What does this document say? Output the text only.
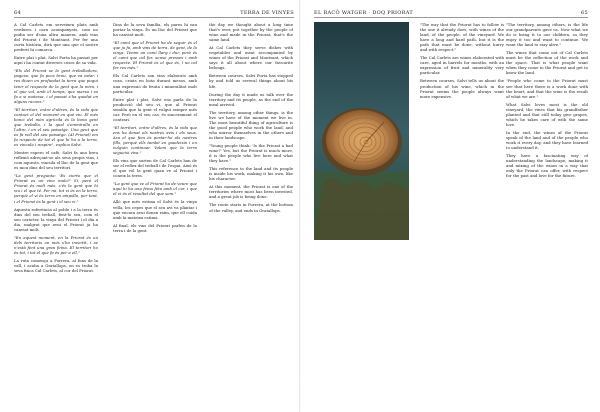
64	TERRA DE VINYES	EL RACÓ WATGER · DOQ PRIORAT	65

A Cal Carlets em serveixen plats amb verdures i carn acompanyats, com no podia ser d'una altra manera, amb vins del Priorat i de Montsant. Per fer una curta història, dirà que una que el nostre preferit hi comarca.

Entre plat i plat, Salvi Porta ha passat per aquí i ha contat diverses coses de sa vida.

"Els del Priorat se la gent treballadora, pagesa, que fa pocs brou, que va estar, i res diuen en profundat la terra que pugui tenir el respecte de la gent que la mira, i el que vol, amb el temps, que marxa i es fa a si mateixa, i el passat s'ha quedat en alguns racons."

"El territori, entre d'altres, és la vida que contact el del moment en què viu. El més bonic del món agrícola és la bona gent que treballa, i la qual s'emmiralla en l'altre, i en el seu paisatge. Una gent que es fa vell del seu paisatge. (Al Priorat) em fa respecte de tot el que hi ha a la terra, es vincula i respira", explica Salvi.

Mentre espero el cafè, Salvi fa una breu reflexió adreçant-se als seus propis vins, i com aquests, vincula el lloc de la gent que es mou dins del seu territori.

"La gent pregunta: 'Es cierto que el Priorat es un vino malo?' Sí, però el Priorat és molt més, s'és la gent que hi viu i el que té. Per mi, tot vi és en la terra, perquè el vi és terra en ampolla, per tant, i el Priorat és la gent i el seu vi."

Aquesta referència al poble i a la terra és dins del seu treball, fent-lo seu, com el seu caràcter, la vinya del Priorat i el dia a dia, malgrat que avui el Priorat ja ha canviat molt.

"En aquest moment, en la Priorat és un dels territoris on més s'ha invertit, i se n'està fent una gran feina. El territori ho és tot, i tot el que fa és per a ell."

La ruta comença a Porrera, al fons de la vall, i acaba a Gratallops, on es troba la seva finca Cal Carlets, al cor del Priorat.

Dins de la seva família, els pares hi van portar la vinya. És un lloc del Priorat que ha canviat molt.

"El camí que el Priorat ha de seguir és el que ja fa, amb vins de terra, de gent, de la vinya. Tenim un camí llarg i dur, però és el camí que cal fer, sense presses i amb respecte. El Priorat és el que és, i no cal fer res més."

Els Cal Carlets son vins elaborats amb cura, criats en bota durant mesos, amb una expressió de fruita i mineralitat molt particular.

Entre plat i plat, Salvi ens parla de la producció del seu vi, que al Priorat sembla que la gent el vulgui sempre més car. Però en el seu cas, és sincerament el contrari.

"El territori, entre d'altres, és la vida que ens ha donat els nostres avis i els seus. Ara el que fem és portar-ho als nostres fills, perquè ells també en gaudeixin i en vulguin continuar. Volem que la terra segueixi viva."

Els vins que surten de Cal Carlets han de ser el reflex del treball i de l'espai. Això és el que vol la gent quan ve al Priorat i coneix la terra.

"La gent que ve al Priorat ha de veure que aquí hi ha una feina feta amb el cor, i que el vi és el resultat del que som."

Allò que més estima el Salvi és la vinya vella, les cepes que el seu avi va plantar i que encara avui donen raïm, que ell cuida amb la mateixa estima.

Al final, els vins del Priorat parlen de la terra i de la gent.

the day we thought about a long time that's ever, put together by the people of wine and made in the Priorat, that's the same land.

At Cal Carlets they serve dishes with vegetables and meat accompanied by wines of the Priorat and Montsant, which says it all about where our favourite belongs.

Between courses, Salvi Porta has stopped by and told us several things about his life.

During the day it made us talk over the territory and its people, as the end of the meal arrived.

The territory, among other things, is the live we have of the moment we live in. The most beautiful thing of agriculture is the good people who work the land, and who mirror themselves in the others and in their landscape.

"Young people think: 'Is the Priorat a bad wine?' Yes, but the Priorat is much more, it is the people who live here and what they have."

This reference to the land and its people is inside his work, making it his own, like his character.

At this moment, the Priorat is one of the territories where most has been invested, and a great job is being done.

The route starts in Porrera, at the bottom of the valley, and ends in Gratallops.

"The way that the Priorat has to follow is the one it already does, with wines of the land, of the people, of the vineyard. We have a long and hard path, but it is the path that must be done, without hurry and with respect."

The Cal Carlets are wines elaborated with care, aged in barrels for months, with an expression of fruit and minerality very particular.

Between courses, Salvi tells us about the production of his wine, which in the Priorat seems the people always want more expensive.

"The territory, among others, is the life our grandparents gave us. Now what we do is bring it to our children, so they enjoy it too and want to continue. We want the land to stay alive."

The wines that come out of Cal Carlets must be the reflection of the work and the space. That is what people want when they come to the Priorat and get to know the land.

"People who come to the Priorat must see that here there is a work done with the heart, and that the wine is the result of what we are."

What Salvi loves most is the old vineyard, the vines that his grandfather planted and that still today give grapes, which he takes care of with the same love.

In the end, the wines of the Priorat speak of the land and of the people who work it every day, and they have learned to understand it.

They have a fascinating way of understanding the landscape, making it and mixing of the wines in a way that only the Priorat can offer, with respect for the past and love for the future.
